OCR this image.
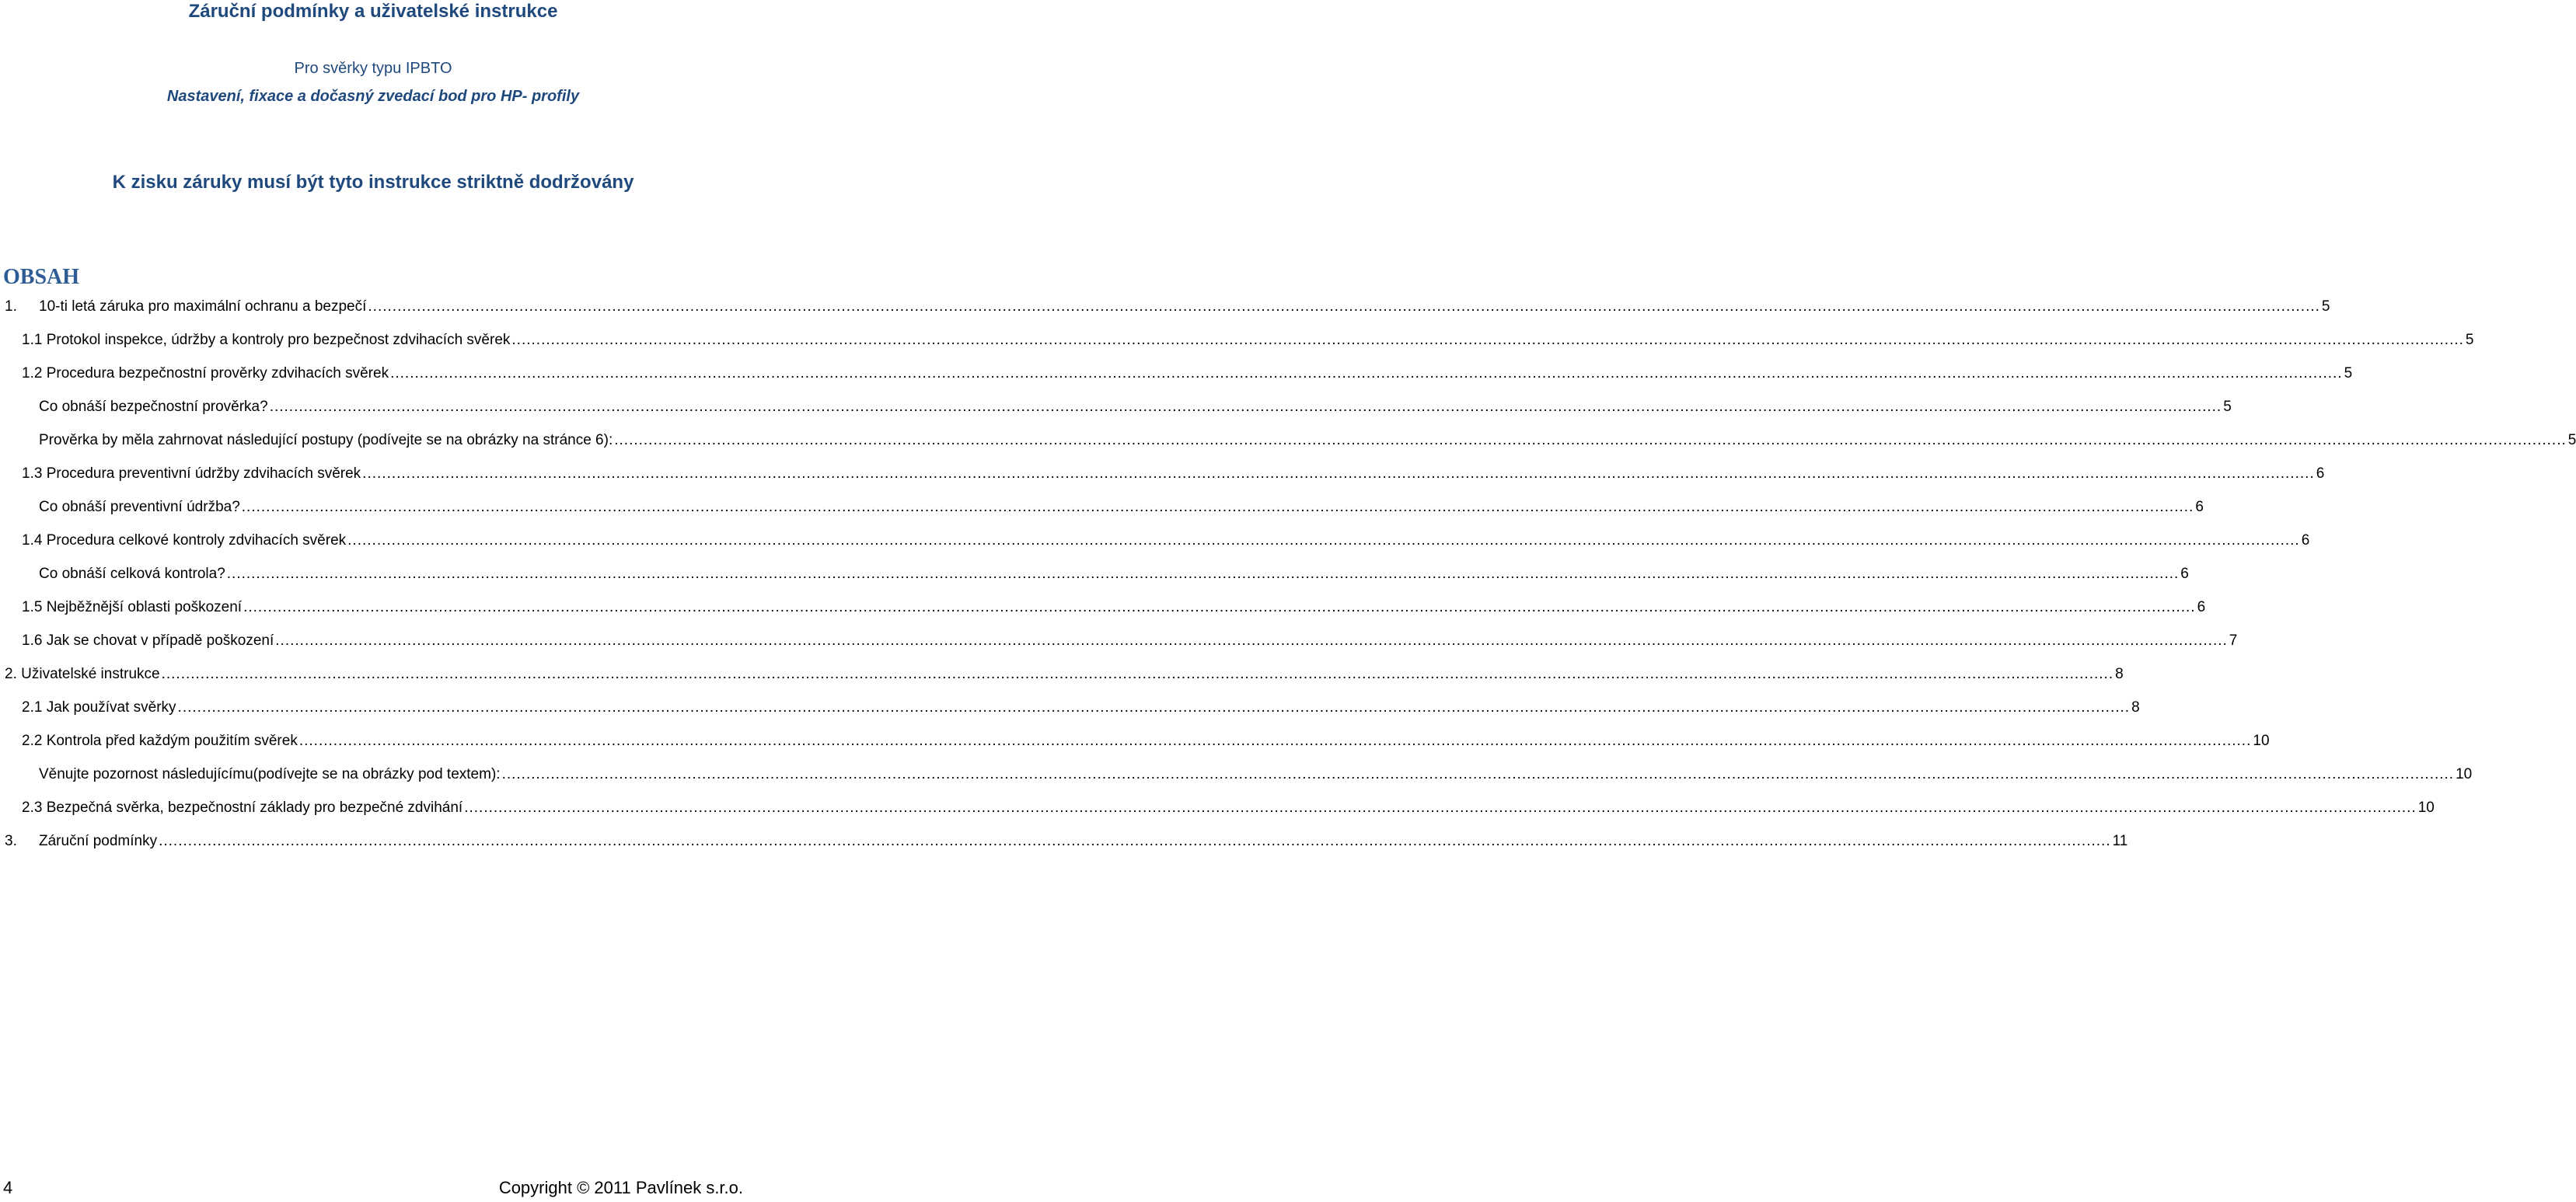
Záruční podmínky a uživatelské instrukce
Pro svěrky typu IPBTO
Nastavení, fixace a dočasný zvedací bod pro HP- profily
K zisku záruky musí být tyto instrukce striktně dodržovány
OBSAH
1. 10-ti letá záruka pro maximální ochranu a bezpečí ................................................................................................................................................................................................................................................................................................................................................................................................................ 5
1.1 Protokol inspekce, údržby a kontroly pro bezpečnost zdvihacích svěrek ................................................................................................................................................................................................................................................................................................................................................................................................................ 5
1.2 Procedura bezpečnostní prověrky zdvihacích svěrek ................................................................................................................................................................................................................................................................................................................................................................................................................ 5
Co obnáší bezpečnostní prověrka? ................................................................................................................................................................................................................................................................................................................................................................................................................ 5
Prověrka by měla zahrnovat následující postupy (podívejte se na obrázky na stránce 6): ................................................................................................................................................................................................................................................................................................................................................................................................................ 5
1.3 Procedura preventivní údržby zdvihacích svěrek ................................................................................................................................................................................................................................................................................................................................................................................................................ 6
Co obnáší preventivní údržba? ................................................................................................................................................................................................................................................................................................................................................................................................................ 6
1.4 Procedura celkové kontroly zdvihacích svěrek ................................................................................................................................................................................................................................................................................................................................................................................................................ 6
Co obnáší celková kontrola? ................................................................................................................................................................................................................................................................................................................................................................................................................ 6
1.5 Nejběžnější oblasti poškození ................................................................................................................................................................................................................................................................................................................................................................................................................ 6
1.6 Jak se chovat v případě poškození ................................................................................................................................................................................................................................................................................................................................................................................................................ 7
2. Uživatelské instrukce ................................................................................................................................................................................................................................................................................................................................................................................................................ 8
2.1 Jak používat svěrky ................................................................................................................................................................................................................................................................................................................................................................................................................ 8
2.2 Kontrola před každým použitím svěrek ................................................................................................................................................................................................................................................................................................................................................................................................................ 10
Věnujte pozornost následujícímu(podívejte se na obrázky pod textem): ................................................................................................................................................................................................................................................................................................................................................................................................................ 10
2.3 Bezpečná svěrka, bezpečnostní základy pro bezpečné zdvihání ................................................................................................................................................................................................................................................................................................................................................................................................................ 10
3. Záruční podmínky ................................................................................................................................................................................................................................................................................................................................................................................................................ 11
4	Copyright © 2011 Pavlínek s.r.o.
